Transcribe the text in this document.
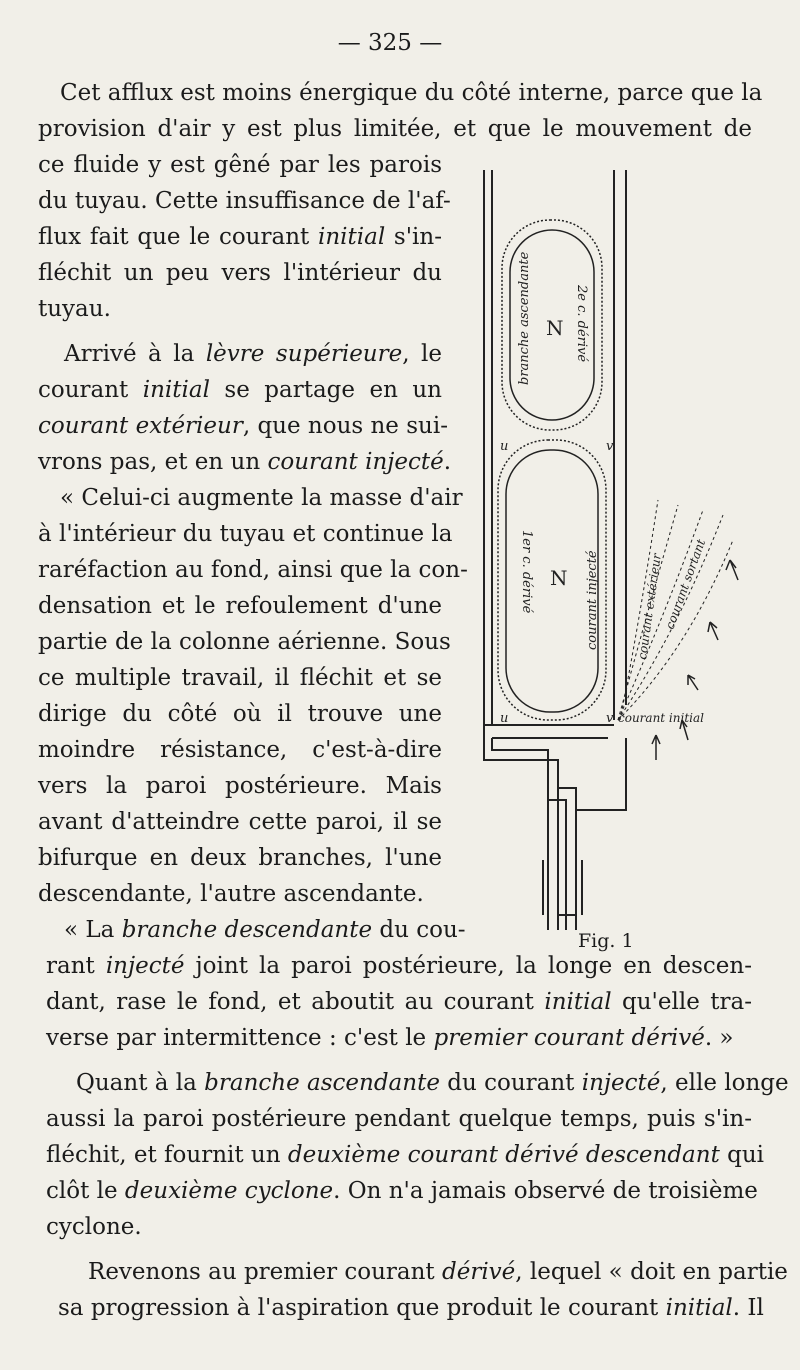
— 325 —
Cet afflux est moins énergique du côté interne, parce que la
provision d'air y est plus limitée, et que le mouvement de
ce fluide y est gêné par les parois
du tuyau. Cette insuffisance de l'af-
flux fait que le courant initial s'in-
fléchit un peu vers l'intérieur du
tuyau.
Arrivé à la lèvre supérieure, le
courant initial se partage en un
courant extérieur, que nous ne sui-
vrons pas, et en un courant injecté.
« Celui-ci augmente la masse d'air
à l'intérieur du tuyau et continue la
raréfaction au fond, ainsi que la con-
densation et le refoulement d'une
partie de la colonne aérienne. Sous
ce multiple travail, il fléchit et se
dirige du côté où il trouve une
moindre résistance, c'est-à-dire
vers la paroi postérieure. Mais
avant d'atteindre cette paroi, il se
bifurque en deux branches, l'une
descendante, l'autre ascendante.
« La branche descendante du cou-
rant injecté joint la paroi postérieure, la longe en descen-
dant, rase le fond, et aboutit au courant initial qu'elle tra-
verse par intermittence : c'est le premier courant dérivé. »
Quant à la branche ascendante du courant injecté, elle longe
aussi la paroi postérieure pendant quelque temps, puis s'in-
fléchit, et fournit un deuxième courant dérivé descendant qui
clôt le deuxième cyclone. On n'a jamais observé de troisième
cyclone.
Revenons au premier courant dérivé, lequel « doit en partie
sa progression à l'aspiration que produit le courant initial. Il
N
N
u	v
u	v
branche ascendante	2e c. dérivé
1er c. dérivé	courant injecté	courant extérieur
courant sortant
courant initial
Fig. 1
